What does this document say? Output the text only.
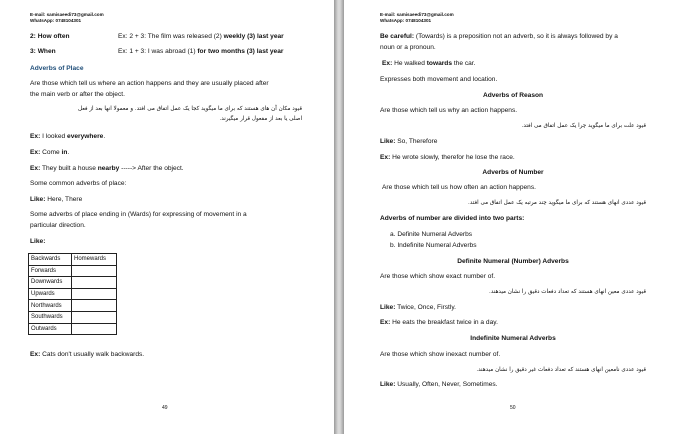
E-mail: samisaeedi73@gmail.com
WhatsApp: 0748104301
2: How often	Ex: 2 + 3: The film was released (2) weekly (3) last year
3: When	Ex: 1 + 3: I was abroad (1) for two months (3) last year
Adverbs of Place
Are those which tell us where an action happens and they are usually placed after
the main verb or after the object.
قیود مکان آن های هستند که برای ما میگوید کجا یک عمل اتفاق می افتد. و معمولا انها بعد از فعل
اصلی یا بعد از مفعول قرار میگیرند.
Ex: I looked everywhere.
Ex: Come in.
Ex: They built a house nearby -----> After the object.
Some common adverbs of place:
Like: Here, There
Some adverbs of place ending in (Wards) for expressing of movement in a
particular direction.
Like:
Backwards	Homewards
Forwards	
Downwards	
Upwards	
Northwards	
Southwards	
Outwards	
Ex: Cats don't usually walk backwards.
49
E-mail: samisaeedi73@gmail.com
WhatsApp: 0748104301
Be careful: (Towards) is a preposition not an adverb, so it is always followed by a
noun or a pronoun.
Ex: He walked towards the car.
Expresses both movement and location.
Adverbs of Reason
Are those which tell us why an action happens.
قیود علت برای ما میگوید چرا یک عمل اتفاق می افتد.
Like: So, Therefore
Ex: He wrote slowly, therefor he lose the race.
Adverbs of Number
Are those which tell us how often an action happens.
قیود عددی انهای هستند که برای ما میگوید چند مرتبه یک عمل اتفاق می افتد.
Adverbs of number are divided into two parts:
a. Definite Numeral Adverbs
b. Indefinite Numeral Adverbs
Definite Numeral (Number) Adverbs
Are those which show exact number of.
قیود عددی معین انهای هستند که تعداد دفعات دقیق را نشان میدهند.
Like: Twice, Once, Firstly.
Ex: He eats the breakfast twice in a day.
Indefinite Numeral Adverbs
Are those which show inexact number of.
قیود عددی نامعین انهای هستند که تعداد دفعات غیر دقیق را نشان میدهند.
Like: Usually, Often, Never, Sometimes.
50
